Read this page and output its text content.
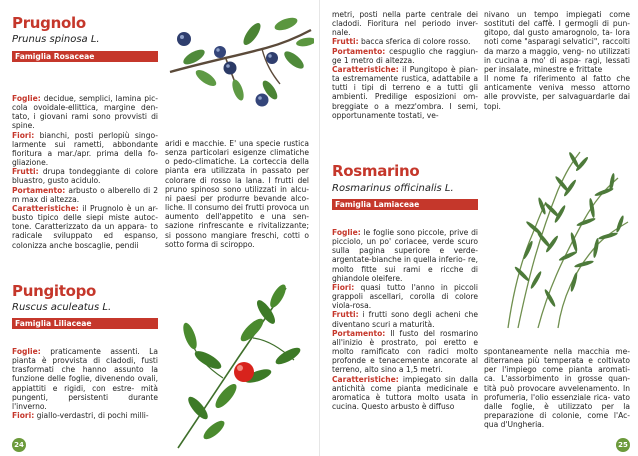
Prugnolo
Prunus spinosa L.
Famiglia Rosaceae

Foglie: decidue, semplici, lamina pic- cola ovoidale-ellittica, margine den- tato, i giovani rami sono provvisti di spine.

Fiori: bianchi, posti perlopiù singo- larmente sui rametti, abbondante fioritura a mar./apr. prima della fo- gliazione.

Frutti: drupa tondeggiante di colore bluastro, gusto acidulo.

Portamento: arbusto o alberello di 2 m max di altezza.

Caratteristiche: il Prugnolo è un ar- busto tipico delle siepi miste autoc- tone. Caratterizzato da un appara- to radicale sviluppato ed espanso, colonizza anche boscaglie, pendii

aridi e macchie. E' una specie rustica senza particolari esigenze climatiche o pedo-climatiche. La corteccia della pianta era utilizzata in passato per colorare di rosso la lana. I frutti del pruno spinoso sono utilizzati in alcu- ni paesi per produrre bevande alco- liche. Il consumo dei frutti provoca un aumento dell'appetito e una sen- sazione rinfrescante e rivitalizzante; si possono mangiare freschi, cotti o sotto forma di sciroppo.
Pungitopo
Ruscus aculeatus L.
Famiglia Liliaceae

Foglie: praticamente assenti. La pianta è provvista di cladodi, fusti trasformati che hanno assunto la funzione delle foglie, divenendo ovali, appiattiti e rigidi, con estre- mità pungenti, persistenti durante l'inverno.

Fiori: giallo-verdastri, di pochi milli-

24

metri, posti nella parte centrale dei cladodi. Fioritura nel periodo inver- nale.

Frutti: bacca sferica di colore rosso.

Portamento: cespuglio che raggiun- ge 1 metro di altezza.

Caratteristiche: il Pungitopo è pian- ta estremamente rustica, adattabile a tutti i tipi di terreno e a tutti gli ambienti. Predilige esposizioni om- breggiate o a mezz'ombra. I semi, opportunamente tostati, ve-

nivano un tempo impiegati come sostituti del caffè. I germogli di pun- gitopo, dal gusto amarognolo, ta- lora noti come "asparagi selvatici", raccolti da marzo a maggio, veng- no utilizzati in cucina a mo' di aspa- ragi, lessati per insalate, minestre e frittate

Il nome fa riferimento al fatto che anticamente veniva messo attorno alle provviste, per salvaguardarle dai topi.

Rosmarino
Rosmarinus officinalis L.
Famiglia Lamiaceae

Foglie: le foglie sono piccole, prive di picciolo, un po' coriacee, verde scuro sulla pagina superiore e verde- argentate-bianche in quella inferio- re, molto fitte sui rami e ricche di ghiandole oleifere.

Fiori: quasi tutto l'anno in piccoli grappoli ascellari, corolla di colore viola-rosa.

Frutti: i frutti sono degli acheni che diventano scuri a maturità.

Portamento: Il fusto del rosmarino all'inizio è prostrato, poi eretto e molto ramificato con radici molto profonde e tenacemente ancorate al terreno, alto sino a 1,5 metri.

Caratteristiche: impiegato sin dalla antichità come pianta medicinale e aromatica è tuttora molto usata in cucina. Questo arbusto è diffuso

spontaneamente nella macchia me- diterranea più temperata e coltivato per l'impiego come pianta aromati- ca. L'assorbimento in grosse quan- tità può provocare avvelenamento. In profumeria, l'olio essenziale rica- vato dalle foglie, è utilizzato per la preparazione di colonie, come l'Ac- qua d'Ungheria.
25
